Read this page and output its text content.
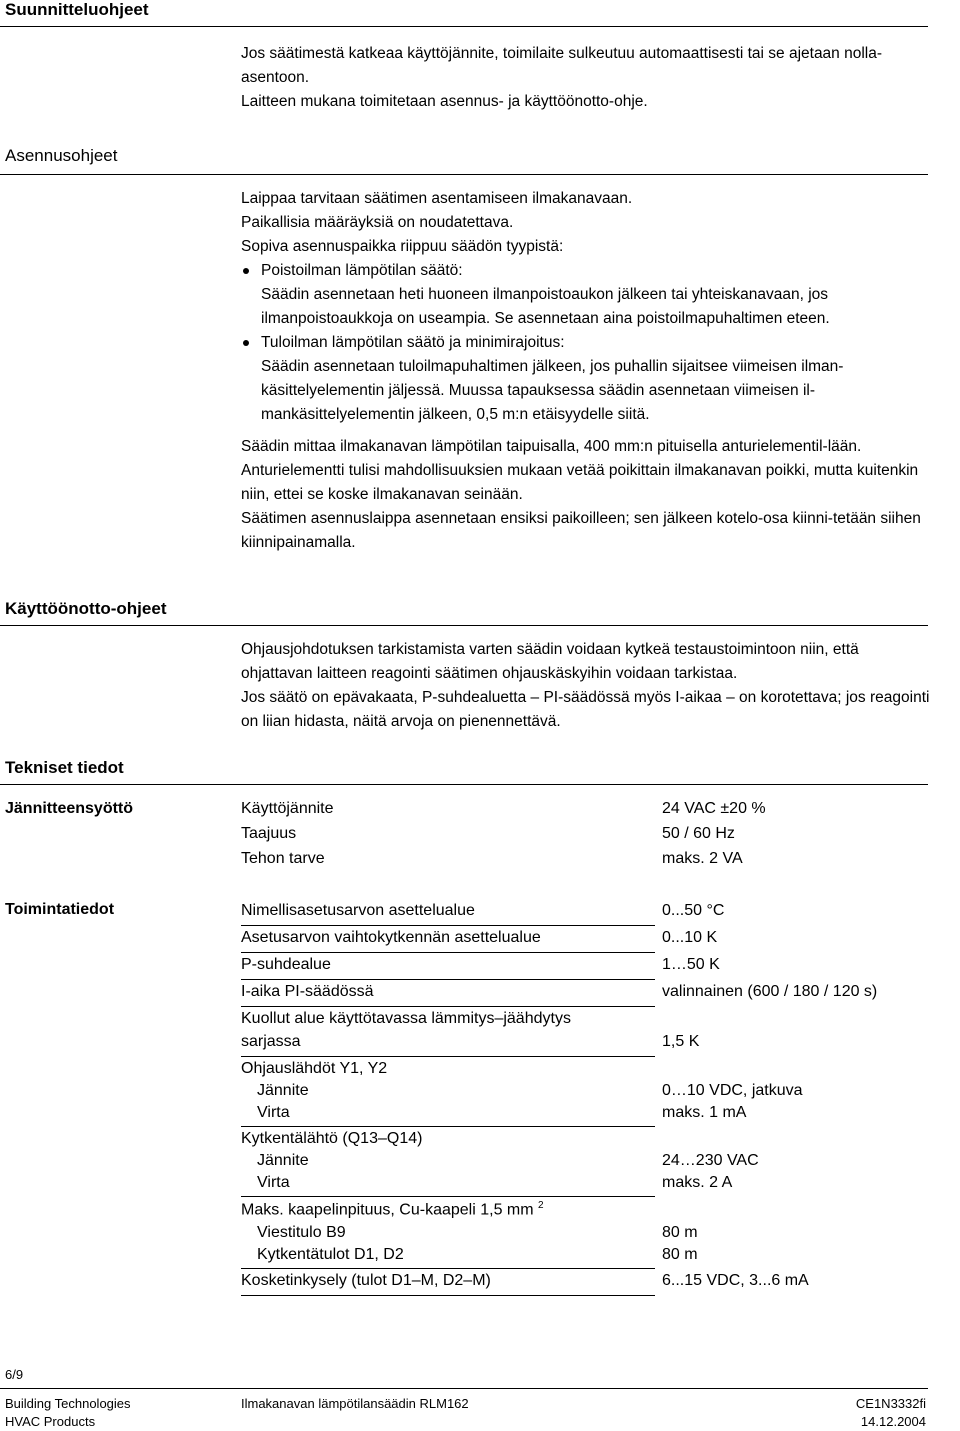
Suunnitteluohjeet

Jos säätimestä katkeaa käyttöjännite, toimilaite sulkeutuu automaattisesti tai se ajetaan nolla-asentoon.

Laitteen mukana toimitetaan asennus- ja käyttöönotto-ohje.

Asennusohjeet

Laippaa tarvitaan säätimen asentamiseen ilmakanavaan.

Paikallisia määräyksiä on noudatettava.

Sopiva asennuspaikka riippuu säädön tyypistä:

Poistoilman lämpötilan säätö:
Säädin asennetaan heti huoneen ilmanpoistoaukon jälkeen tai yhteiskanavaan, jos ilmanpoistoaukkoja on useampia. Se asennetaan aina poistoilmapuhaltimen eteen.
Tuloilman lämpötilan säätö ja minimirajoitus:
Säädin asennetaan tuloilmapuhaltimen jälkeen, jos puhallin sijaitsee viimeisen ilman-käsittelyelementin jäljessä. Muussa tapauksessa säädin asennetaan viimeisen il-mankäsittelyelementin jälkeen, 0,5 m:n etäisyydelle siitä.

Säädin mittaa ilmakanavan lämpötilan taipuisalla, 400 mm:n pituisella anturielementil-lään.

Anturielementti tulisi mahdollisuuksien mukaan vetää poikittain ilmakanavan poikki, mutta kuitenkin niin, ettei se koske ilmakanavan seinään.

Säätimen asennuslaippa asennetaan ensiksi paikoilleen; sen jälkeen kotelo-osa kiinni-tetään siihen kiinnipainamalla.

Käyttöönotto-ohjeet

Ohjausjohdotuksen tarkistamista varten säädin voidaan kytkeä testaustoimintoon niin, että ohjattavan laitteen reagointi säätimen ohjauskäskyihin voidaan tarkistaa.

Jos säätö on epävakaata, P-suhdealuetta – PI-säädössä myös I-aikaa – on korotettava; jos reagointi on liian hidasta, näitä arvoja on pienennettävä.

Tekniset tiedot
Jännitteensyöttö	Käyttöjännite	24 VAC ±20 %
Taajuus	50 / 60 Hz
Tehon tarve	maks. 2 VA
Toimintatiedot	Nimellisasetusarvon asettelualue	0...50 °C
Asetusarvon vaihtokytkennän asettelualue	0...10 K
P-suhdealue	1…50 K
I-aika PI-säädössä	valinnainen (600 / 180 / 120 s)
Kuollut alue käyttötavassa lämmitys–jäähdytys
sarjassa	1,5 K
Ohjauslähdöt Y1, Y2
Jännite	0…10 VDC, jatkuva
Virta	maks. 1 mA
Kytkentälähtö (Q13–Q14)
Jännite	24…230 VAC
Virta	maks. 2 A
Maks. kaapelinpituus, Cu-kaapeli 1,5 mm $^2$
Viestitulo B9	80 m
Kytkentätulot D1, D2	80 m
Kosketinkysely (tulot D1–M, D2–M)	6...15 VDC, 3...6 mA
6/9
Building Technologies
HVAC Products
Ilmakanavan lämpötilansäädin RLM162	CE1N3332fi
14.12.2004
